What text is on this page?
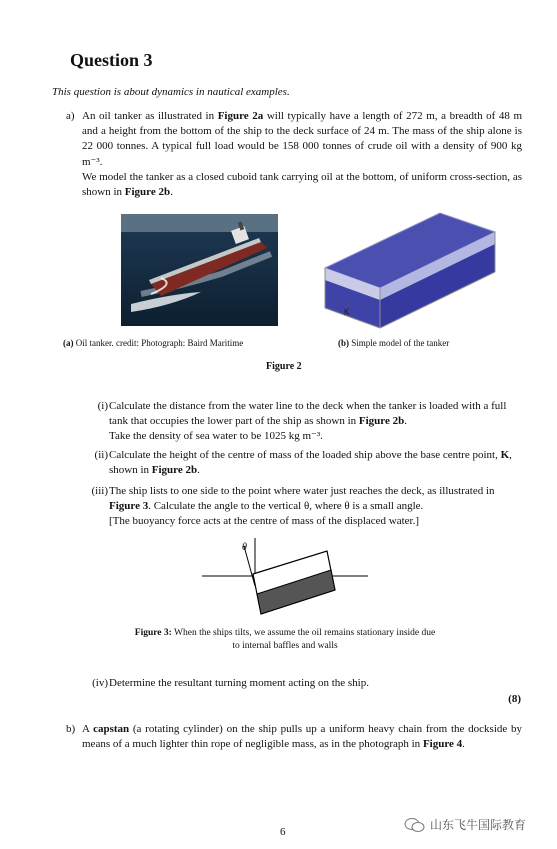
Question 3
This question is about dynamics in nautical examples.
a) An oil tanker as illustrated in Figure 2a will typically have a length of 272 m, a breadth of 48 m and a height from the bottom of the ship to the deck surface of 24 m. The mass of the ship alone is 22 000 tonnes. A typical full load would be 158 000 tonnes of crude oil with a density of 900 kg m⁻³.
We model the tanker as a closed cuboid tank carrying oil at the bottom, of uniform cross-section, as shown in Figure 2b.
K
(a) Oil tanker. credit: Photograph: Baird Maritime	(b) Simple model of the tanker
Figure 2
(i) Calculate the distance from the water line to the deck when the tanker is loaded with a full tank that occupies the lower part of the ship as shown in Figure 2b.
Take the density of sea water to be 1025 kg m⁻³.
(ii) Calculate the height of the centre of mass of the loaded ship above the base centre point, K, shown in Figure 2b.
(iii) The ship lists to one side to the point where water just reaches the deck, as illustrated in Figure 3. Calculate the angle to the vertical θ, where θ is a small angle.
[The buoyancy force acts at the centre of mass of the displaced water.]
θ
Figure 3: When the ships tilts, we assume the oil remains stationary inside due to internal baffles and walls
(iv) Determine the resultant turning moment acting on the ship.
(8)
b) A capstan (a rotating cylinder) on the ship pulls up a uniform heavy chain from the dockside by means of a much lighter thin rope of negligible mass, as in the photograph in Figure 4.
6	山东飞牛国际教育
